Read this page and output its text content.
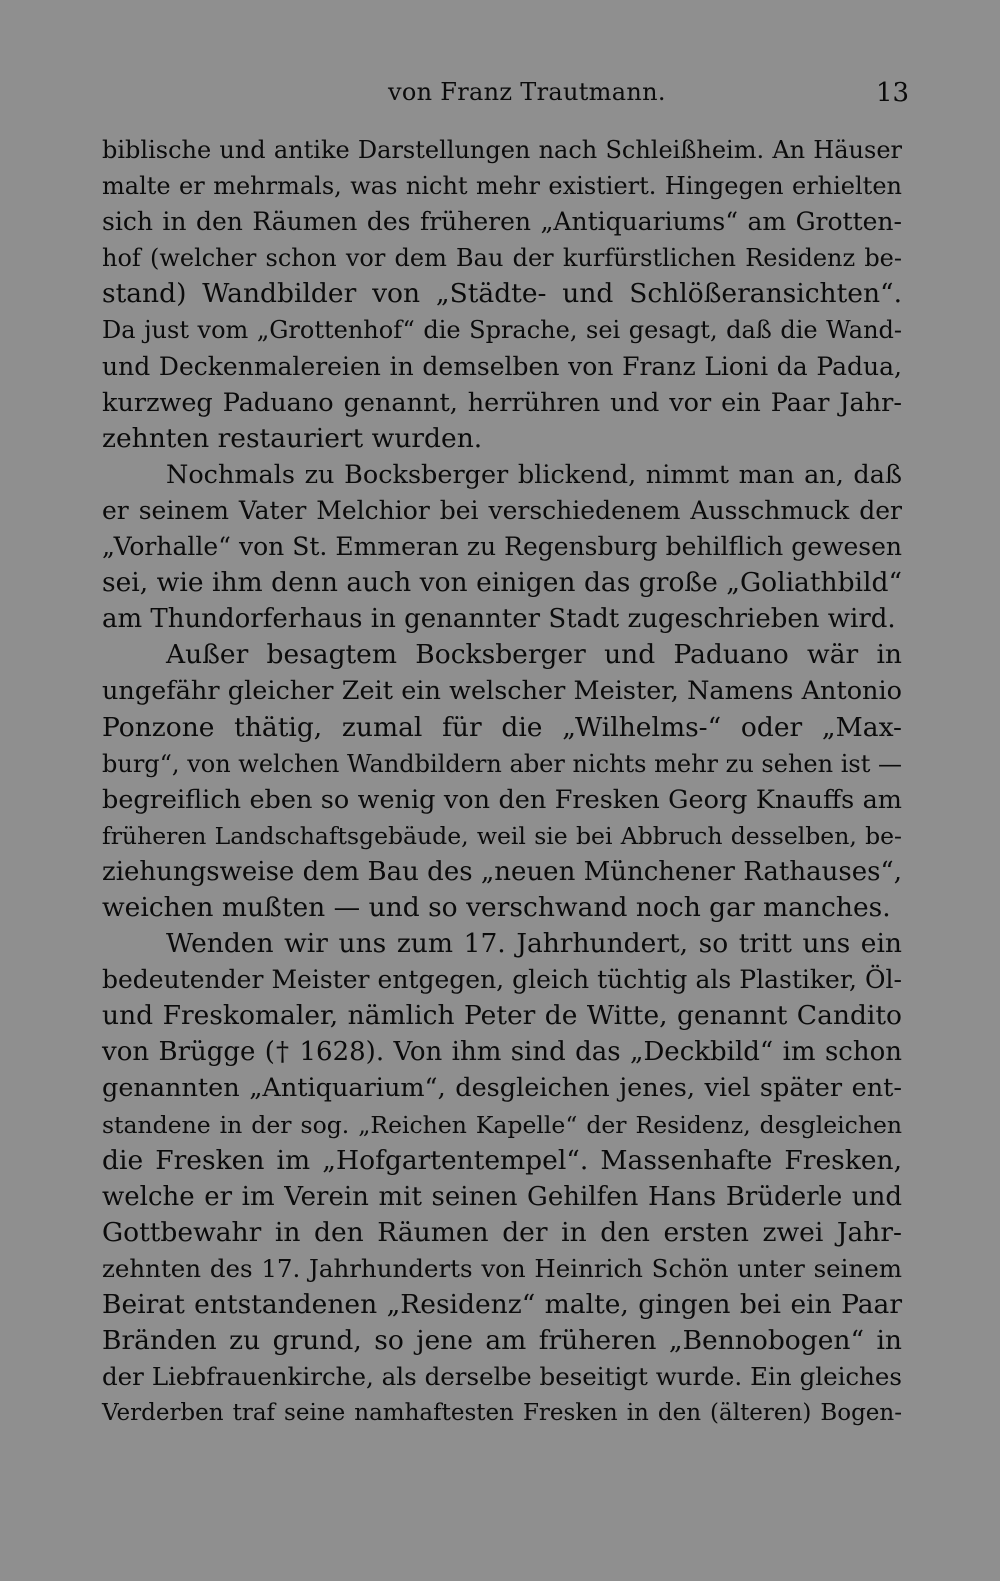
von Franz Trautmann.	13
biblische und antike Darstellungen nach Schleißheim. An Häuser
malte er mehrmals, was nicht mehr existiert. Hingegen erhielten
sich in den Räumen des früheren „Antiquariums“ am Grotten-
hof (welcher schon vor dem Bau der kurfürstlichen Residenz be-
stand) Wandbilder von „Städte- und Schlößeransichten“.
Da just vom „Grottenhof“ die Sprache, sei gesagt, daß die Wand-
und Deckenmalereien in demselben von Franz Lioni da Padua,
kurzweg Paduano genannt, herrühren und vor ein Paar Jahr-
zehnten restauriert wurden.
Nochmals zu Bocksberger blickend, nimmt man an, daß
er seinem Vater Melchior bei verschiedenem Ausschmuck der
„Vorhalle“ von St. Emmeran zu Regensburg behilflich gewesen
sei, wie ihm denn auch von einigen das große „Goliathbild“
am Thundorferhaus in genannter Stadt zugeschrieben wird.
Außer besagtem Bocksberger und Paduano wär in
ungefähr gleicher Zeit ein welscher Meister, Namens Antonio
Ponzone thätig, zumal für die „Wilhelms-“ oder „Max-
burg“, von welchen Wandbildern aber nichts mehr zu sehen ist —
begreiflich eben so wenig von den Fresken Georg Knauffs am
früheren Landschaftsgebäude, weil sie bei Abbruch desselben, be-
ziehungsweise dem Bau des „neuen Münchener Rathauses“,
weichen mußten — und so verschwand noch gar manches.
Wenden wir uns zum 17. Jahrhundert, so tritt uns ein
bedeutender Meister entgegen, gleich tüchtig als Plastiker, Öl-
und Freskomaler, nämlich Peter de Witte, genannt Candito
von Brügge († 1628). Von ihm sind das „Deckbild“ im schon
genannten „Antiquarium“, desgleichen jenes, viel später ent-
standene in der sog. „Reichen Kapelle“ der Residenz, desgleichen
die Fresken im „Hofgartentempel“. Massenhafte Fresken,
welche er im Verein mit seinen Gehilfen Hans Brüderle und
Gottbewahr in den Räumen der in den ersten zwei Jahr-
zehnten des 17. Jahrhunderts von Heinrich Schön unter seinem
Beirat entstandenen „Residenz“ malte, gingen bei ein Paar
Bränden zu grund, so jene am früheren „Bennobogen“ in
der Liebfrauenkirche, als derselbe beseitigt wurde. Ein gleiches
Verderben traf seine namhaftesten Fresken in den (älteren) Bogen-
